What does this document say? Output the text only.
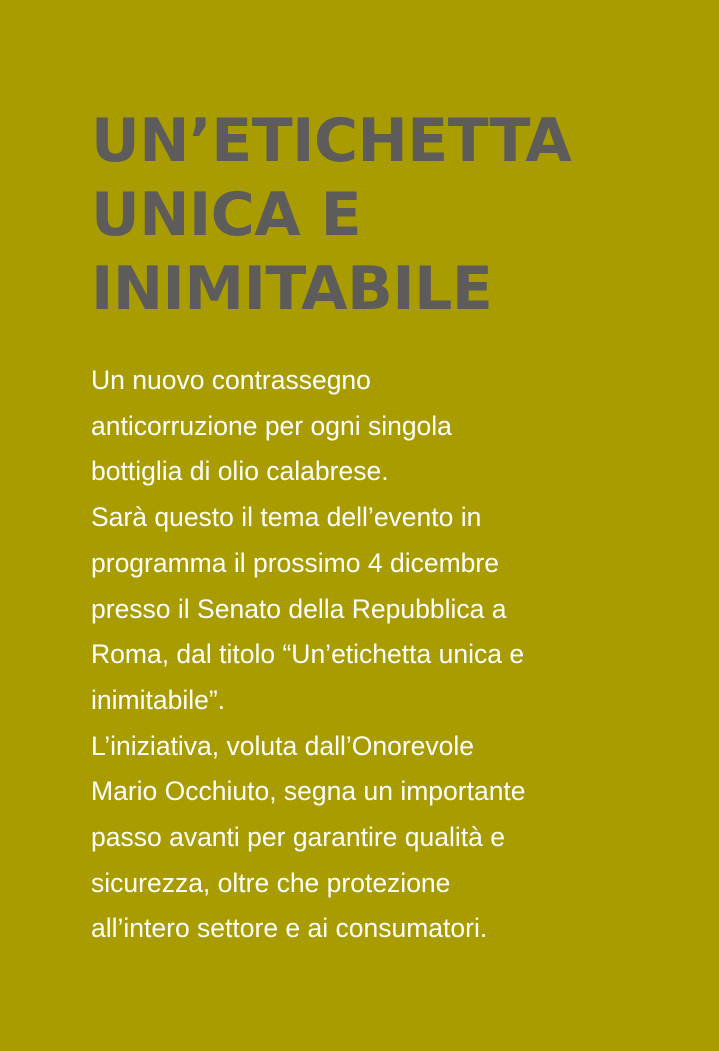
UN’ETICHETTA
UNICA E
INIMITABILE

Un nuovo contrassegno
anticorruzione per ogni singola
bottiglia di olio calabrese.
Sarà questo il tema dell’evento in
programma il prossimo 4 dicembre
presso il Senato della Repubblica a
Roma, dal titolo “Un’etichetta unica e
inimitabile”.
L’iniziativa, voluta dall’Onorevole
Mario Occhiuto, segna un importante
passo avanti per garantire qualità e
sicurezza, oltre che protezione
all’intero settore e ai consumatori.
